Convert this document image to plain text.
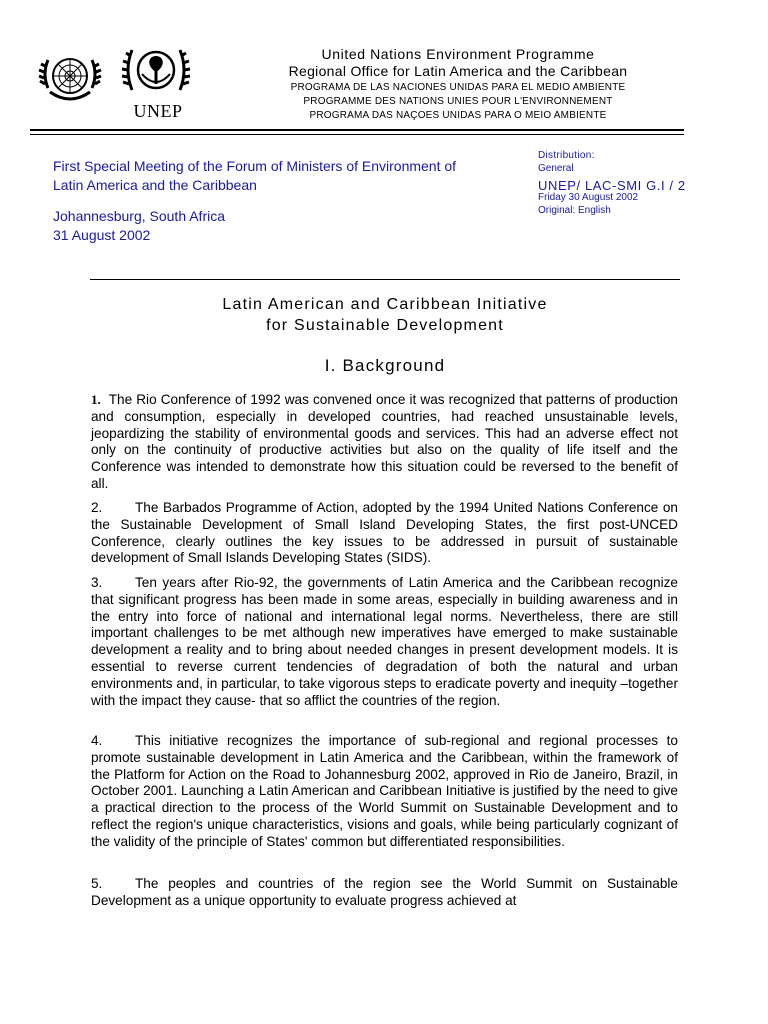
UNEP
United Nations Environment Programme
Regional Office for Latin America and the Caribbean
PROGRAMA DE LAS NACIONES UNIDAS PARA EL MEDIO AMBIENTE
PROGRAMME DES NATIONS UNIES POUR L'ENVIRONNEMENT
PROGRAMA DAS NAÇOES UNIDAS PARA O MEIO AMBIENTE
First Special Meeting of the Forum of Ministers of Environment of
Latin America and the Caribbean
Johannesburg, South Africa
31 August 2002
Distribution:
General
UNEP/ LAC-SMI G.I / 2
Friday 30 August 2002
Original: English
Latin American and Caribbean Initiative
for Sustainable Development
I. Background

1. The Rio Conference of 1992 was convened once it was recognized that patterns of production and consumption, especially in developed countries, had reached unsustainable levels, jeopardizing the stability of environmental goods and services. This had an adverse effect not only on the continuity of productive activities but also on the quality of life itself and the Conference was intended to demonstrate how this situation could be reversed to the benefit of all.

2. The Barbados Programme of Action, adopted by the 1994 United Nations Conference on the Sustainable Development of Small Island Developing States, the first post-UNCED Conference, clearly outlines the key issues to be addressed in pursuit of sustainable development of Small Islands Developing States (SIDS).

3. Ten years after Rio-92, the governments of Latin America and the Caribbean recognize that significant progress has been made in some areas, especially in building awareness and in the entry into force of national and international legal norms. Nevertheless, there are still important challenges to be met although new imperatives have emerged to make sustainable development a reality and to bring about needed changes in present development models. It is essential to reverse current tendencies of degradation of both the natural and urban environments and, in particular, to take vigorous steps to eradicate poverty and inequity –together with the impact they cause- that so afflict the countries of the region.

4. This initiative recognizes the importance of sub-regional and regional processes to promote sustainable development in Latin America and the Caribbean, within the framework of the Platform for Action on the Road to Johannesburg 2002, approved in Rio de Janeiro, Brazil, in October 2001. Launching a Latin American and Caribbean Initiative is justified by the need to give a practical direction to the process of the World Summit on Sustainable Development and to reflect the region's unique characteristics, visions and goals, while being particularly cognizant of the validity of the principle of States' common but differentiated responsibilities.

5. The peoples and countries of the region see the World Summit on Sustainable Development as a unique opportunity to evaluate progress achieved at
